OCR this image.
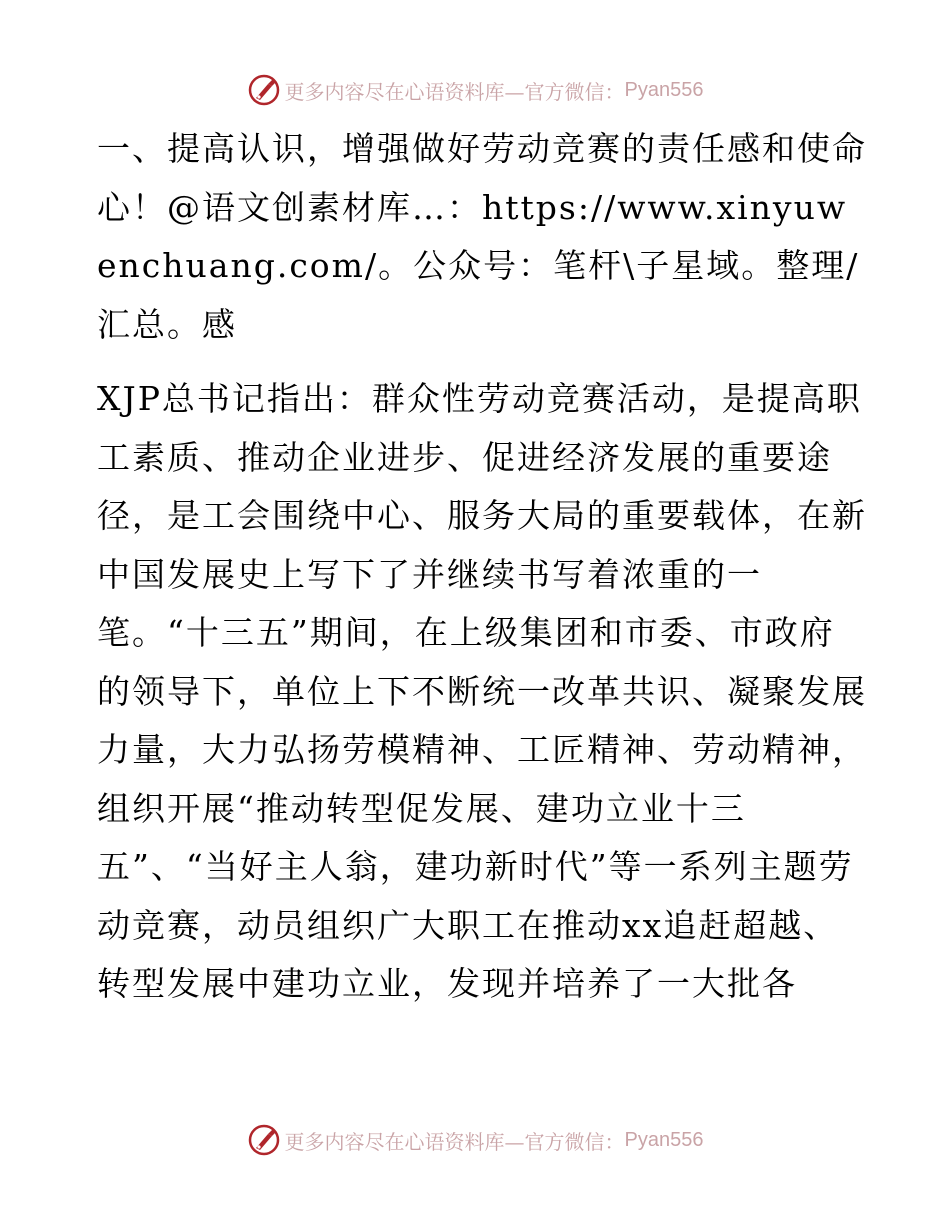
更多内容尽在心语资料库—官方微信： Pyan556

一、提高认识，增强做好劳动竞赛的责任感和使命心！@语文创素材库…：https://www.xinyuwenchuang.com/。公众号：笔杆\子星域。整理/汇总。感

XJP总书记指出：群众性劳动竞赛活动，是提高职工素质、推动企业进步、促进经济发展的重要途径，是工会围绕中心、服务大局的重要载体，在新中国发展史上写下了并继续书写着浓重的一笔。“十三五”期间，在上级集团和市委、市政府的领导下，单位上下不断统一改革共识、凝聚发展力量，大力弘扬劳模精神、工匠精神、劳动精神，组织开展“推动转型促发展、建功立业十三五”、“当好主人翁，建功新时代”等一系列主题劳动竞赛，动员组织广大职工在推动xx追赶超越、转型发展中建功立业，发现并培养了一大批各

更多内容尽在心语资料库—官方微信： Pyan556
